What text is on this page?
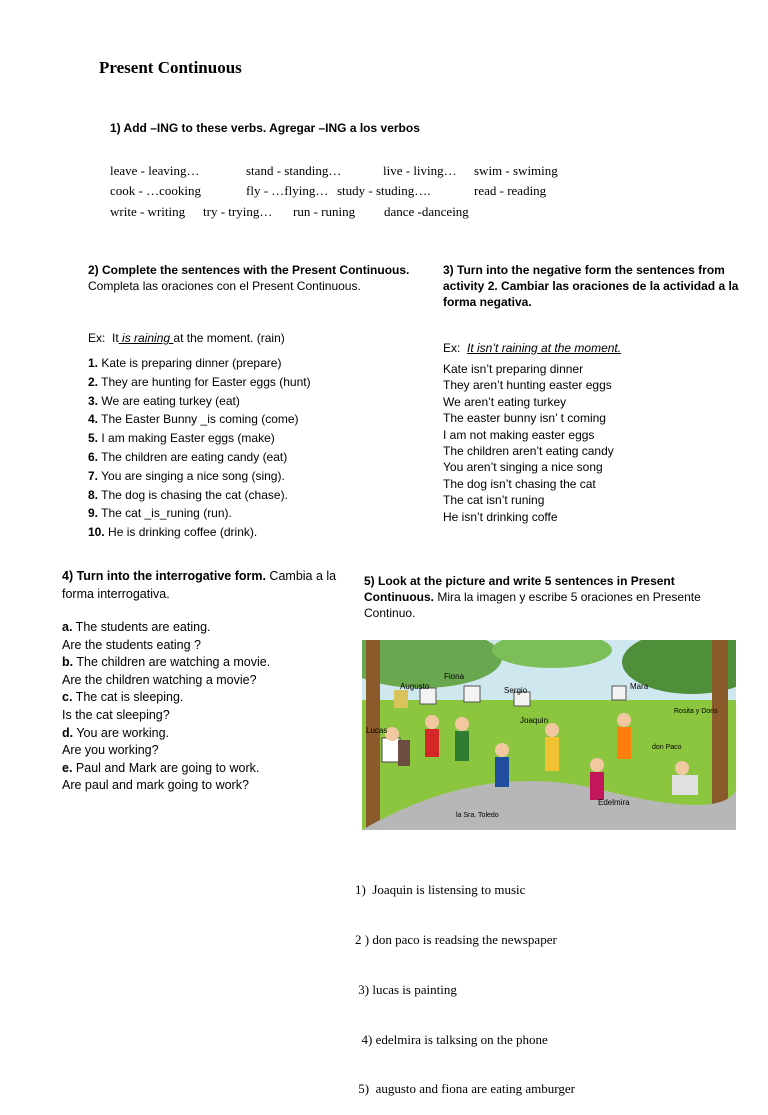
Present Continuous
1) Add –ING to these verbs. Agregar –ING a los verbos
leave - leaving…	stand - standing…	live - living… swim - swiming
cook - …cooking	fly - …flying… study - studing….	read - reading
write - writing try - trying… run - runing dance -danceing
2) Complete the sentences with the Present Continuous.
Completa las oraciones con el Present Continuous.

Ex:  It is raining at the moment. (rain)

1. Kate is preparing dinner (prepare)
2. They are hunting for Easter eggs (hunt)
3. We are eating turkey (eat)
4. The Easter Bunny _is coming (come)
5. I am making Easter eggs (make)
6. The children are eating candy (eat)
7. You are singing a nice song (sing).
8. The dog is chasing the cat (chase).
9. The cat _is_runing (run).
10. He is drinking coffee (drink).
3) Turn into the negative form the sentences from activity 2. Cambiar las oraciones de la actividad a la forma negativa.

Ex: It isn’t raining at the moment.

Kate isn’t preparing dinner
They aren’t hunting easter eggs
We aren’t eating turkey
The easter bunny isn’ t coming
I am not making easter eggs
The children aren’t eating candy
You aren’t singing a nice song
The dog isn’t chasing the cat
The cat isn’t runing
He isn’t drinking coffe
4) Turn into the interrogative form. Cambia a la forma interrogativa.
a. The students are eating.
Are the students eating ?
b. The children are watching a movie.
Are the children watching a movie?
c. The cat is sleeping.
Is the cat sleeping?
d. You are working.
Are you working?
e. Paul and Mark are going to work.
Are paul and mark going to work?
5) Look at the picture and write 5 sentences in Present Continuous. Mira la imagen y escribe 5 oraciones en Presente Continuo.
Augusto
Fiona
Sergio	Mara
Lucas
Joaquin
Rosita y Doris
don Paco
Edelmira
la Sra. Toledo

1)  Joaquin is listensing to music

2 ) don paco is readsing the newspaper

3) lucas is painting

4) edelmira is talksing on the phone

5)  augusto and fiona are eating amburger
